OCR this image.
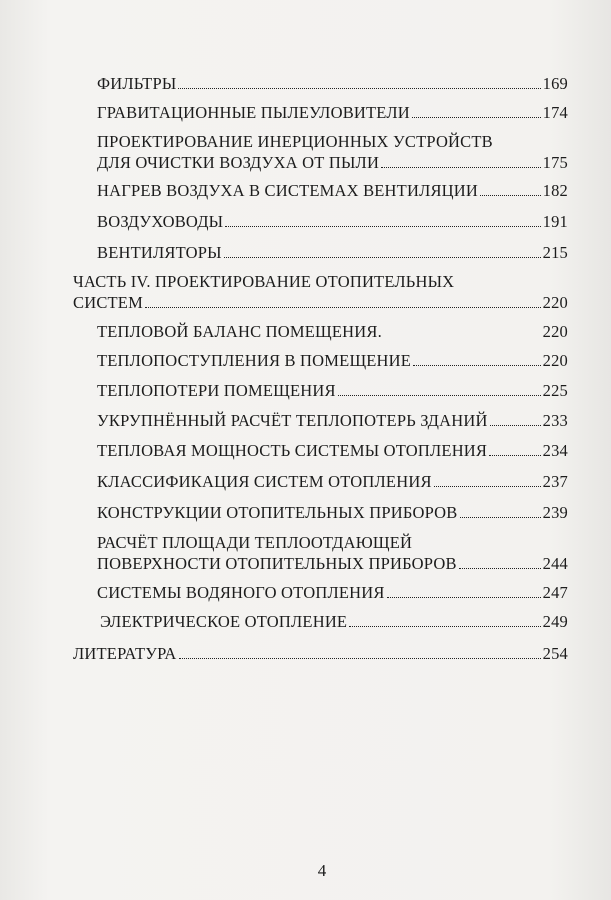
ФИЛЬТРЫ	169
ГРАВИТАЦИОННЫЕ ПЫЛЕУЛОВИТЕЛИ	174
ПРОЕКТИРОВАНИЕ ИНЕРЦИОННЫХ УСТРОЙСТВ
ДЛЯ ОЧИСТКИ ВОЗДУХА ОТ ПЫЛИ	175
НАГРЕВ ВОЗДУХА В СИСТЕМАХ ВЕНТИЛЯЦИИ	182
ВОЗДУХОВОДЫ	191
ВЕНТИЛЯТОРЫ	215
ЧАСТЬ IV. ПРОЕКТИРОВАНИЕ ОТОПИТЕЛЬНЫХ
СИСТЕМ	220
ТЕПЛОВОЙ БАЛАНС ПОМЕЩЕНИЯ.	220
ТЕПЛОПОСТУПЛЕНИЯ В ПОМЕЩЕНИЕ	220
ТЕПЛОПОТЕРИ ПОМЕЩЕНИЯ	225
УКРУПНЁННЫЙ РАСЧЁТ ТЕПЛОПОТЕРЬ ЗДАНИЙ	233
ТЕПЛОВАЯ МОЩНОСТЬ СИСТЕМЫ ОТОПЛЕНИЯ	234
КЛАССИФИКАЦИЯ СИСТЕМ ОТОПЛЕНИЯ	237
КОНСТРУКЦИИ ОТОПИТЕЛЬНЫХ ПРИБОРОВ	239
РАСЧЁТ ПЛОЩАДИ ТЕПЛООТДАЮЩЕЙ
ПОВЕРХНОСТИ ОТОПИТЕЛЬНЫХ ПРИБОРОВ	244
СИСТЕМЫ ВОДЯНОГО ОТОПЛЕНИЯ	247
ЭЛЕКТРИЧЕСКОЕ ОТОПЛЕНИЕ	249
ЛИТЕРАТУРА	254
4
